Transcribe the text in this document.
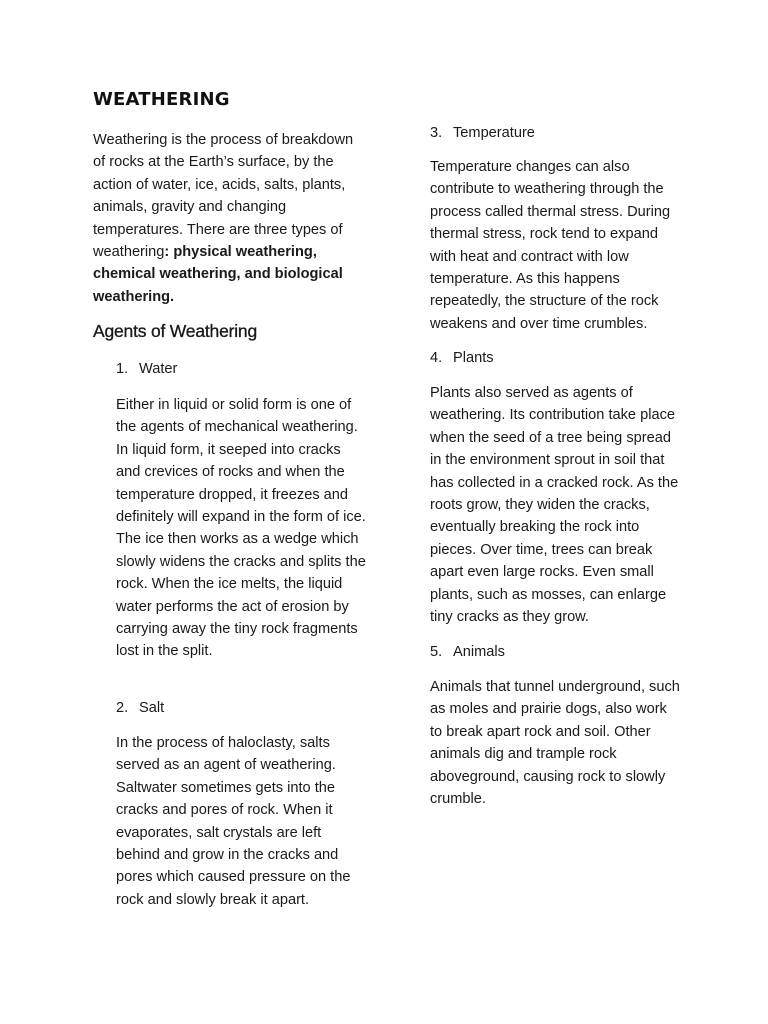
WEATHERING

Weathering is the process of breakdown of rocks at the Earth’s surface, by the action of water, ice, acids, salts, plants, animals, gravity and changing temperatures. There are three types of weathering: physical weathering, chemical weathering, and biological weathering.

Agents of Weathering
1. Water

Either in liquid or solid form is one of the agents of mechanical weathering. In liquid form, it seeped into cracks and crevices of rocks and when the temperature dropped, it freezes and definitely will expand in the form of ice. The ice then works as a wedge which slowly widens the cracks and splits the rock. When the ice melts, the liquid water performs the act of erosion by carrying away the tiny rock fragments lost in the split.

2. Salt

In the process of haloclasty, salts served as an agent of weathering. Saltwater sometimes gets into the cracks and pores of rock. When it evaporates, salt crystals are left behind and grow in the cracks and pores which caused pressure on the rock and slowly break it apart.

3. Temperature

Temperature changes can also contribute to weathering through the process called thermal stress. During thermal stress, rock tend to expand with heat and contract with low temperature. As this happens repeatedly, the structure of the rock weakens and over time crumbles.

4. Plants

Plants also served as agents of weathering. Its contribution take place when the seed of a tree being spread in the environment sprout in soil that has collected in a cracked rock. As the roots grow, they widen the cracks, eventually breaking the rock into pieces. Over time, trees can break apart even large rocks. Even small plants, such as mosses, can enlarge tiny cracks as they grow.

5. Animals

Animals that tunnel underground, such as moles and prairie dogs, also work to break apart rock and soil. Other animals dig and trample rock aboveground, causing rock to slowly crumble.
